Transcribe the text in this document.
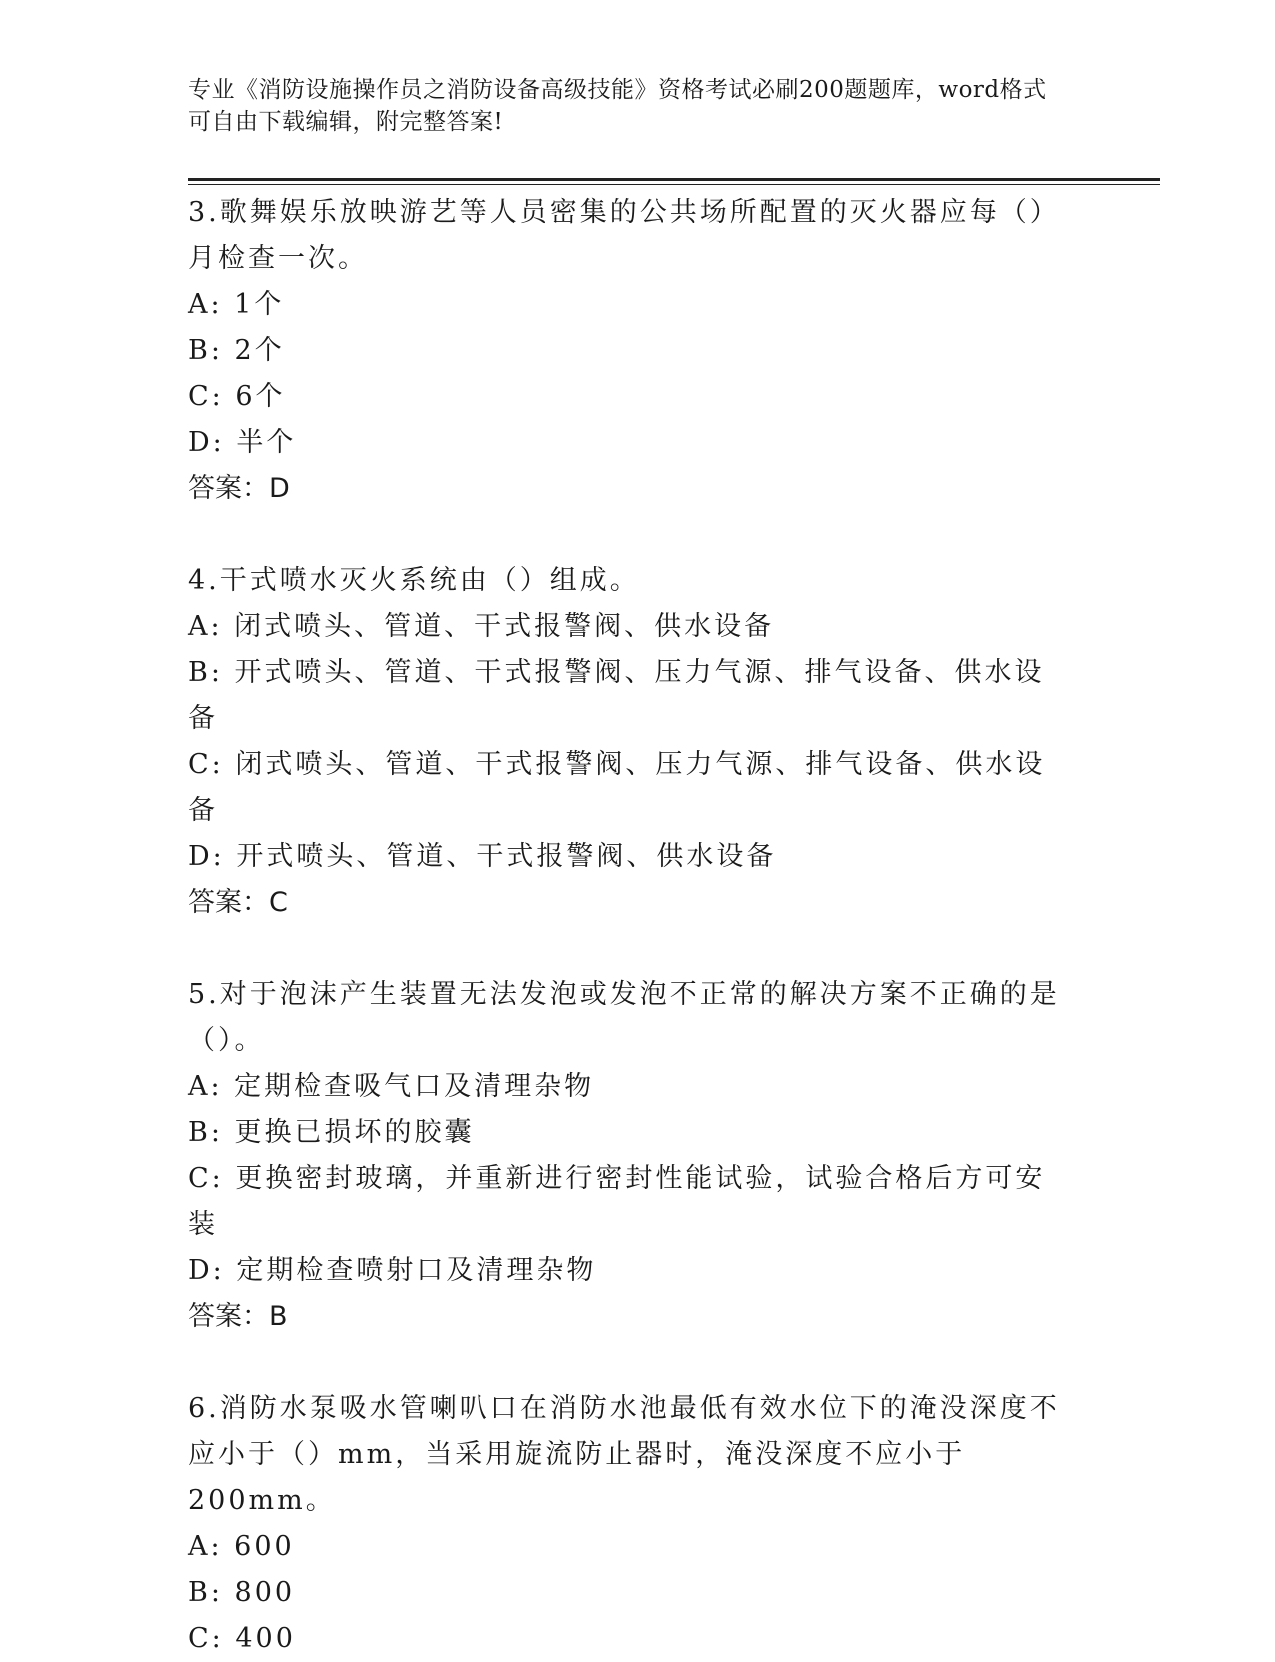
专业《消防设施操作员之消防设备高级技能》资格考试必刷200题题库，word格式可自由下载编辑，附完整答案!

3.歌舞娱乐放映游艺等人员密集的公共场所配置的灭火器应每（）月检查一次。

A: 1个

B: 2个

C: 6个

D: 半个

答案：D

4.干式喷水灭火系统由（）组成。

A: 闭式喷头、管道、干式报警阀、供水设备

B: 开式喷头、管道、干式报警阀、压力气源、排气设备、供水设备

C: 闭式喷头、管道、干式报警阀、压力气源、排气设备、供水设备

D: 开式喷头、管道、干式报警阀、供水设备

答案：C

5.对于泡沫产生装置无法发泡或发泡不正常的解决方案不正确的是（）。

A: 定期检查吸气口及清理杂物

B: 更换已损坏的胶囊

C: 更换密封玻璃，并重新进行密封性能试验，试验合格后方可安装

D: 定期检查喷射口及清理杂物

答案：B

6.消防水泵吸水管喇叭口在消防水池最低有效水位下的淹没深度不应小于（）mm，当采用旋流防止器时，淹没深度不应小于200mm。

A: 600

B: 800

C: 400
